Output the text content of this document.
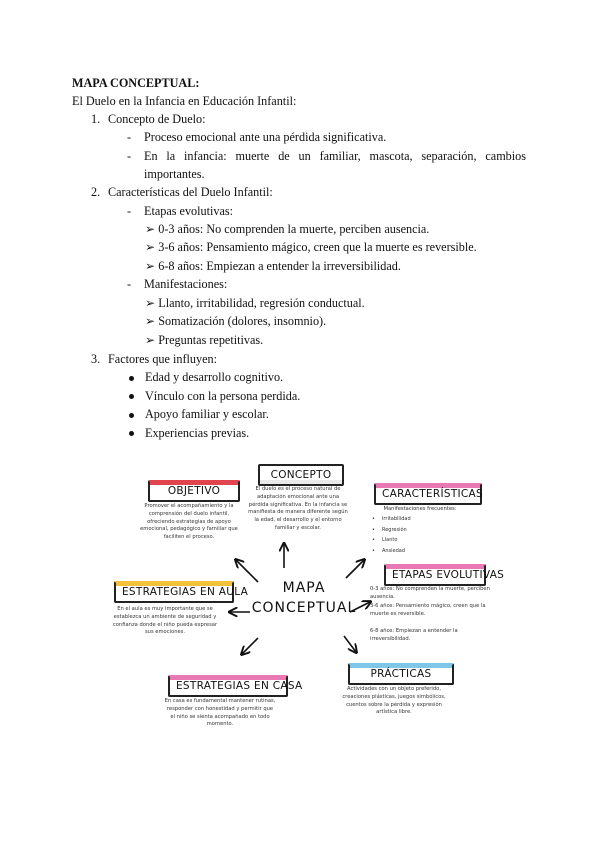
MAPA CONCEPTUAL:
El Duelo en la Infancia en Educación Infantil:
1. Concepto de Duelo:
- Proceso emocional ante una pérdida significativa.
- En la infancia: muerte de un familiar, mascota, separación, cambios
importantes.
2. Características del Duelo Infantil:
- Etapas evolutivas:
➢ 0-3 años: No comprenden la muerte, perciben ausencia.
➢ 3-6 años: Pensamiento mágico, creen que la muerte es reversible.
➢ 6-8 años: Empiezan a entender la irreversibilidad.
- Manifestaciones:
➢ Llanto, irritabilidad, regresión conductual.
➢ Somatización (dolores, insomnio).
➢ Preguntas repetitivas.
3. Factores que influyen:
Edad y desarrollo cognitivo.
Vínculo con la persona perdida.
Apoyo familiar y escolar.
Experiencias previas.
MAPA
CONCEPTUAL
OBJETIVO
Promover el acompañamiento y la comprensión del duelo infantil, ofreciendo estrategias de apoyo emocional, pedagógico y familiar que faciliten el proceso.
CONCEPTO
El duelo es el proceso natural de adaptación emocional ante una pérdida significativa. En la infancia se manifiesta de manera diferente según la edad, el desarrollo y el entorno familiar y escolar.
CARACTERÍSTICAS
Manifestaciones frecuentes:
• Irritabilidad
• Regresión
• Llanto
• Ansiedad
ETAPAS EVOLUTIVAS
0-3 años: No comprenden la muerte, perciben ausencia.
3-6 años: Pensamiento mágico, creen que la muerte es reversible.
6-8 años: Empiezan a entender la irreversibilidad.
ESTRATEGIAS EN AULA
En el aula es muy importante que se establezca un ambiente de seguridad y confianza donde el niño pueda expresar sus emociones.
ESTRATEGIAS EN CASA
En casa es fundamental mantener rutinas, responder con honestidad y permitir que el niño se sienta acompañado en todo momento.
PRÁCTICAS
Actividades con un objeto preferido, creaciones plásticas, juegos simbólicos, cuentos sobre la pérdida y expresión artística libre.
